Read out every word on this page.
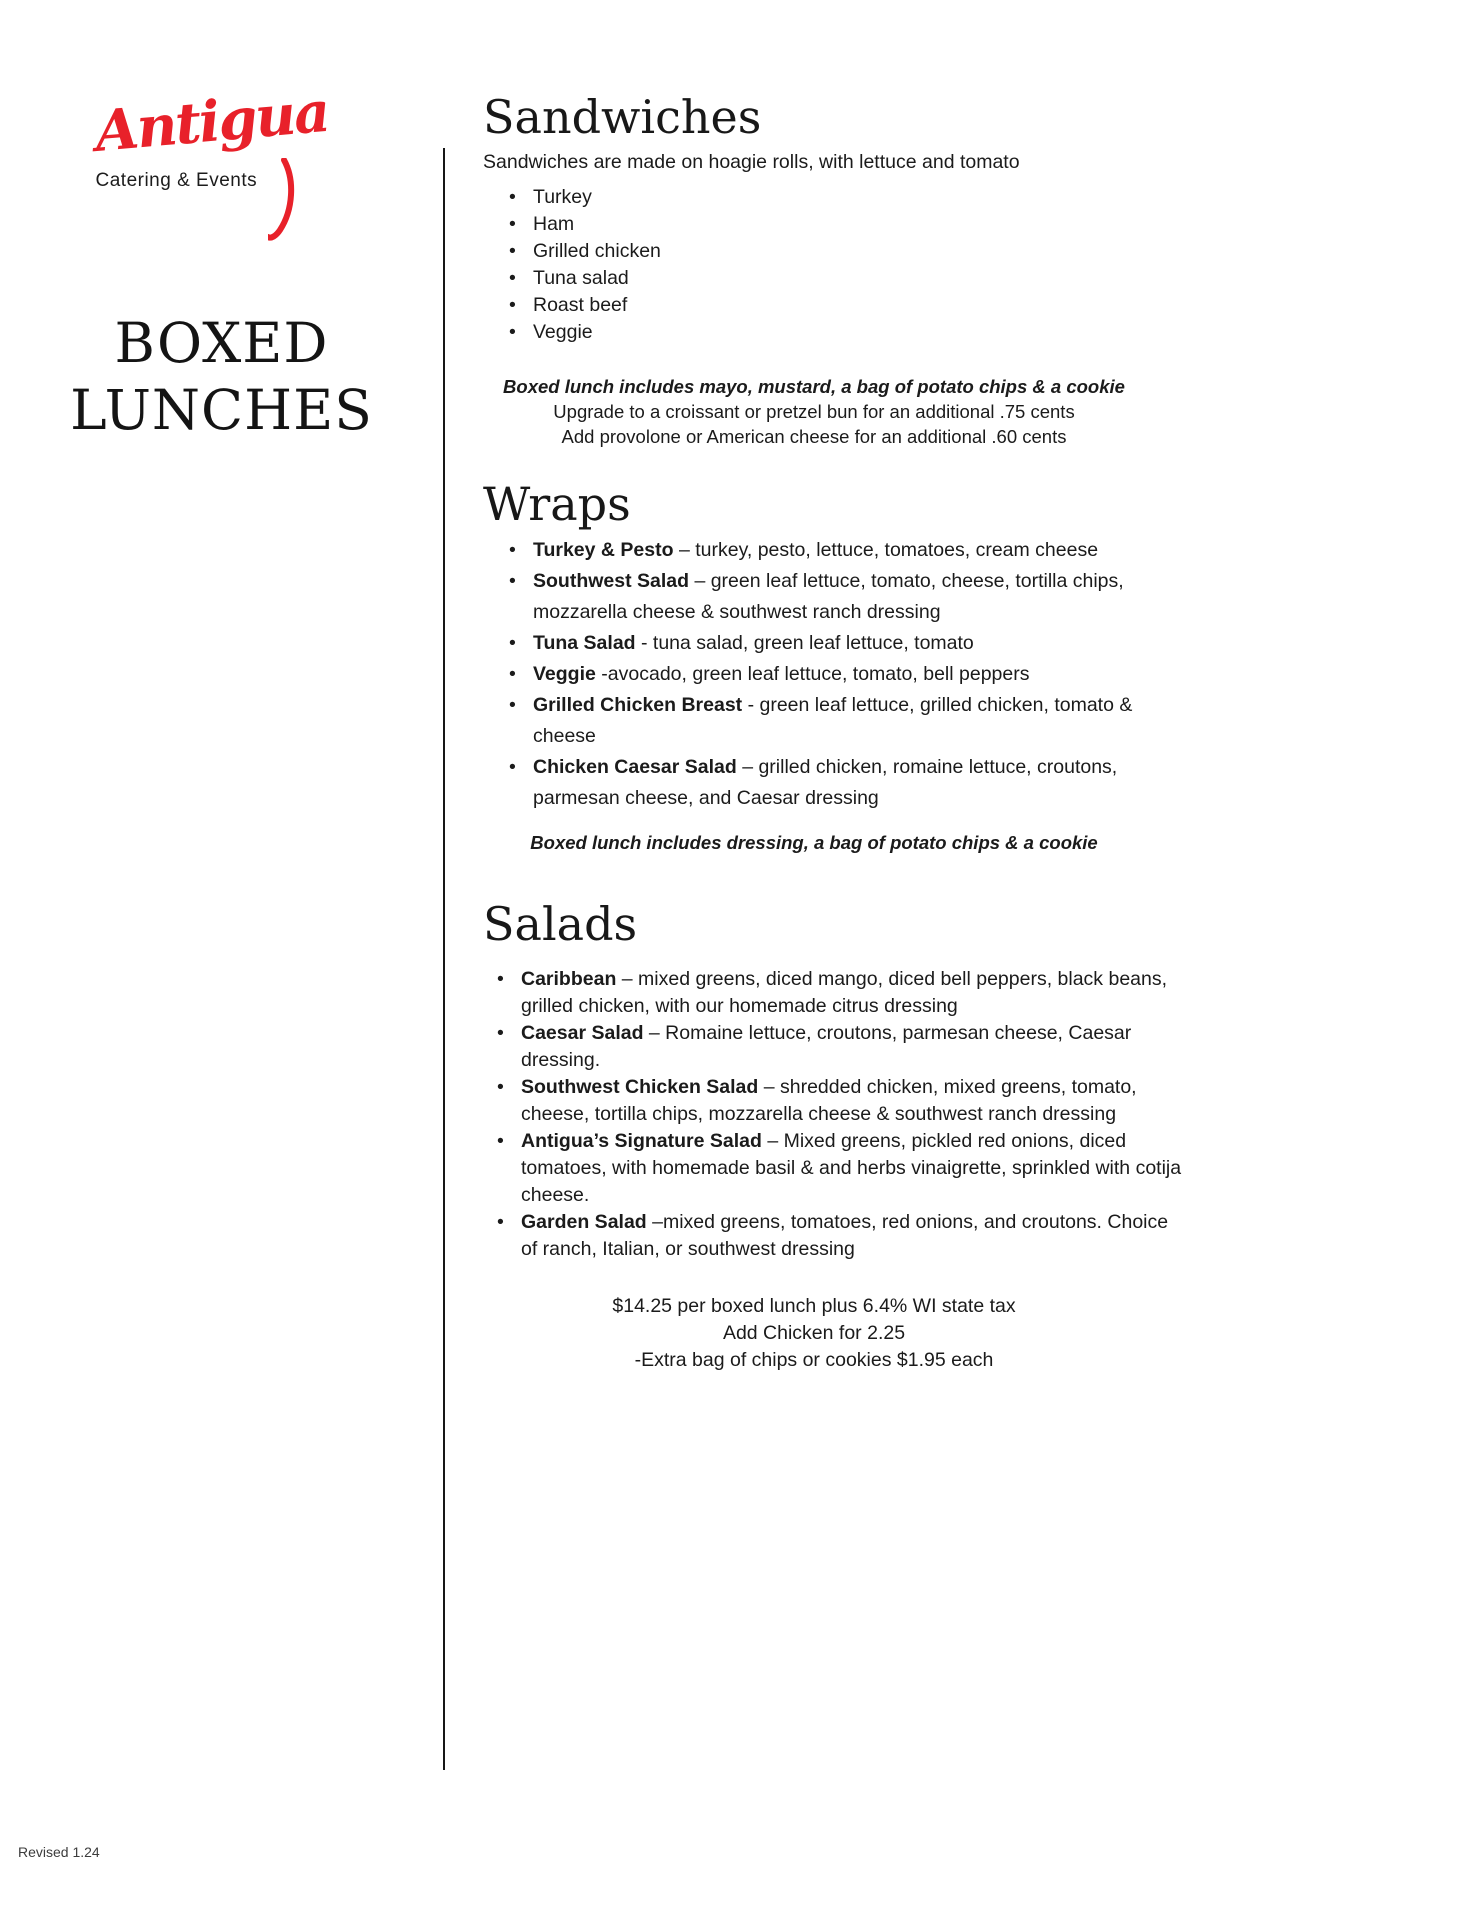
Antigua
Catering & Events
BOXED
LUNCHES
Sandwiches

Sandwiches are made on hoagie rolls, with lettuce and tomato

• Turkey
• Ham
• Grilled chicken
• Tuna salad
• Roast beef
• Veggie

Boxed lunch includes mayo, mustard, a bag of potato chips & a cookie

Upgrade to a croissant or pretzel bun for an additional .75 cents

Add provolone or American cheese for an additional .60 cents

Wraps
• Turkey & Pesto – turkey, pesto, lettuce, tomatoes, cream cheese
• Southwest Salad – green leaf lettuce, tomato, cheese, tortilla chips, mozzarella cheese & southwest ranch dressing
• Tuna Salad - tuna salad, green leaf lettuce, tomato
• Veggie -avocado, green leaf lettuce, tomato, bell peppers
• Grilled Chicken Breast - green leaf lettuce, grilled chicken, tomato & cheese
• Chicken Caesar Salad – grilled chicken, romaine lettuce, croutons, parmesan cheese, and Caesar dressing

Boxed lunch includes dressing, a bag of potato chips & a cookie

Salads
• Caribbean – mixed greens, diced mango, diced bell peppers, black beans, grilled chicken, with our homemade citrus dressing
• Caesar Salad – Romaine lettuce, croutons, parmesan cheese, Caesar dressing.
• Southwest Chicken Salad – shredded chicken, mixed greens, tomato, cheese, tortilla chips, mozzarella cheese & southwest ranch dressing
• Antigua’s Signature Salad – Mixed greens, pickled red onions, diced tomatoes, with homemade basil & and herbs vinaigrette, sprinkled with cotija cheese.
• Garden Salad –mixed greens, tomatoes, red onions, and croutons. Choice of ranch, Italian, or southwest dressing

$14.25 per boxed lunch plus 6.4% WI state tax

Add Chicken for 2.25

-Extra bag of chips or cookies $1.95 each

Revised 1.24
